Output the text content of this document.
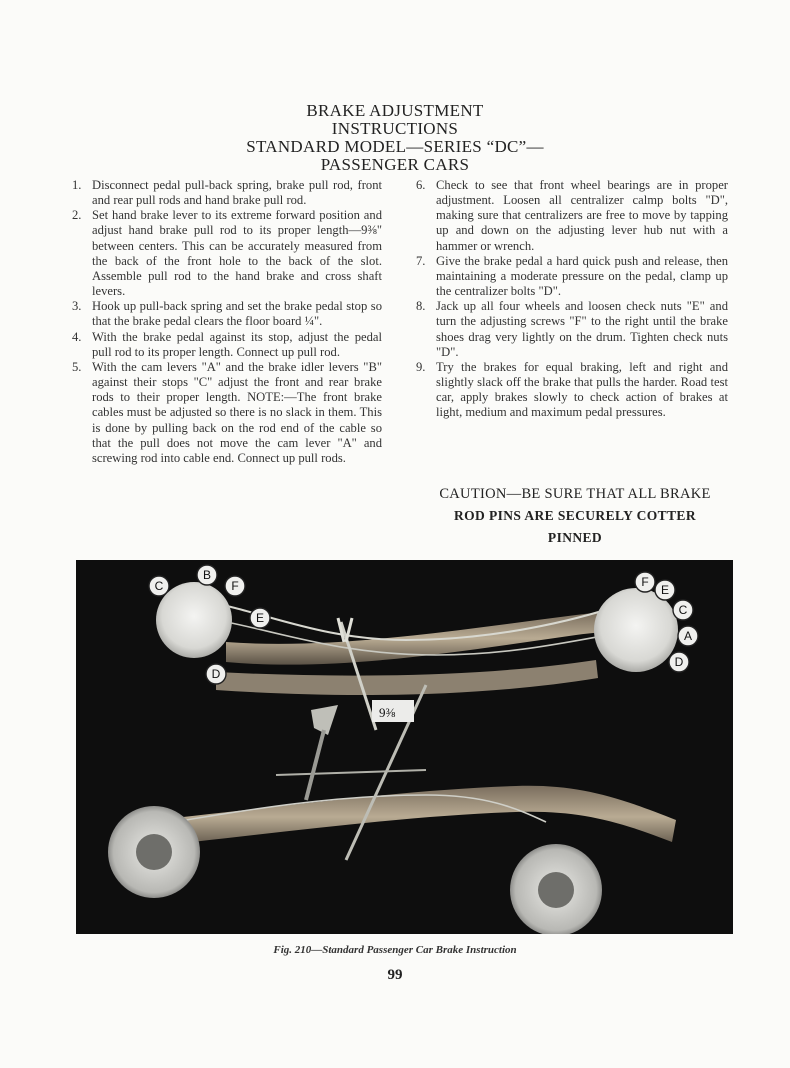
BRAKE ADJUSTMENT
INSTRUCTIONS
STANDARD MODEL—SERIES “DC”—
PASSENGER CARS
1. Disconnect pedal pull-back spring, brake pull rod, front and rear pull rods and hand brake pull rod.
2. Set hand brake lever to its extreme forward position and adjust hand brake pull rod to its proper length—9⅜" between centers. This can be accurately measured from the back of the front hole to the back of the slot. Assemble pull rod to the hand brake and cross shaft levers.
3. Hook up pull-back spring and set the brake pedal stop so that the brake pedal clears the floor board ¼".
4. With the brake pedal against its stop, adjust the pedal pull rod to its proper length. Connect up pull rod.
5. With the cam levers "A" and the brake idler levers "B" against their stops "C" adjust the front and rear brake rods to their proper length. NOTE:—The front brake cables must be adjusted so there is no slack in them. This is done by pulling back on the rod end of the cable so that the pull does not move the cam lever "A" and screwing rod into cable end. Connect up pull rods.
6. Check to see that front wheel bearings are in proper adjustment. Loosen all centralizer calmp bolts "D", making sure that centralizers are free to move by tapping up and down on the adjusting lever hub nut with a hammer or wrench.
7. Give the brake pedal a hard quick push and release, then maintaining a moderate pressure on the pedal, clamp up the centralizer bolts "D".
8. Jack up all four wheels and loosen check nuts "E" and turn the adjusting screws "F" to the right until the brake shoes drag very lightly on the drum. Tighten check nuts "D".
9. Try the brakes for equal braking, left and right and slightly slack off the brake that pulls the harder. Road test car, apply brakes slowly to check action of brakes at light, medium and maximum pedal pressures.
CAUTION—BE SURE THAT ALL BRAKE
ROD PINS ARE SECURELY COTTER
PINNED
9⅜
C
B
F
E
D
F
E
C
A
D
Fig. 210—Standard Passenger Car Brake Instruction
99
